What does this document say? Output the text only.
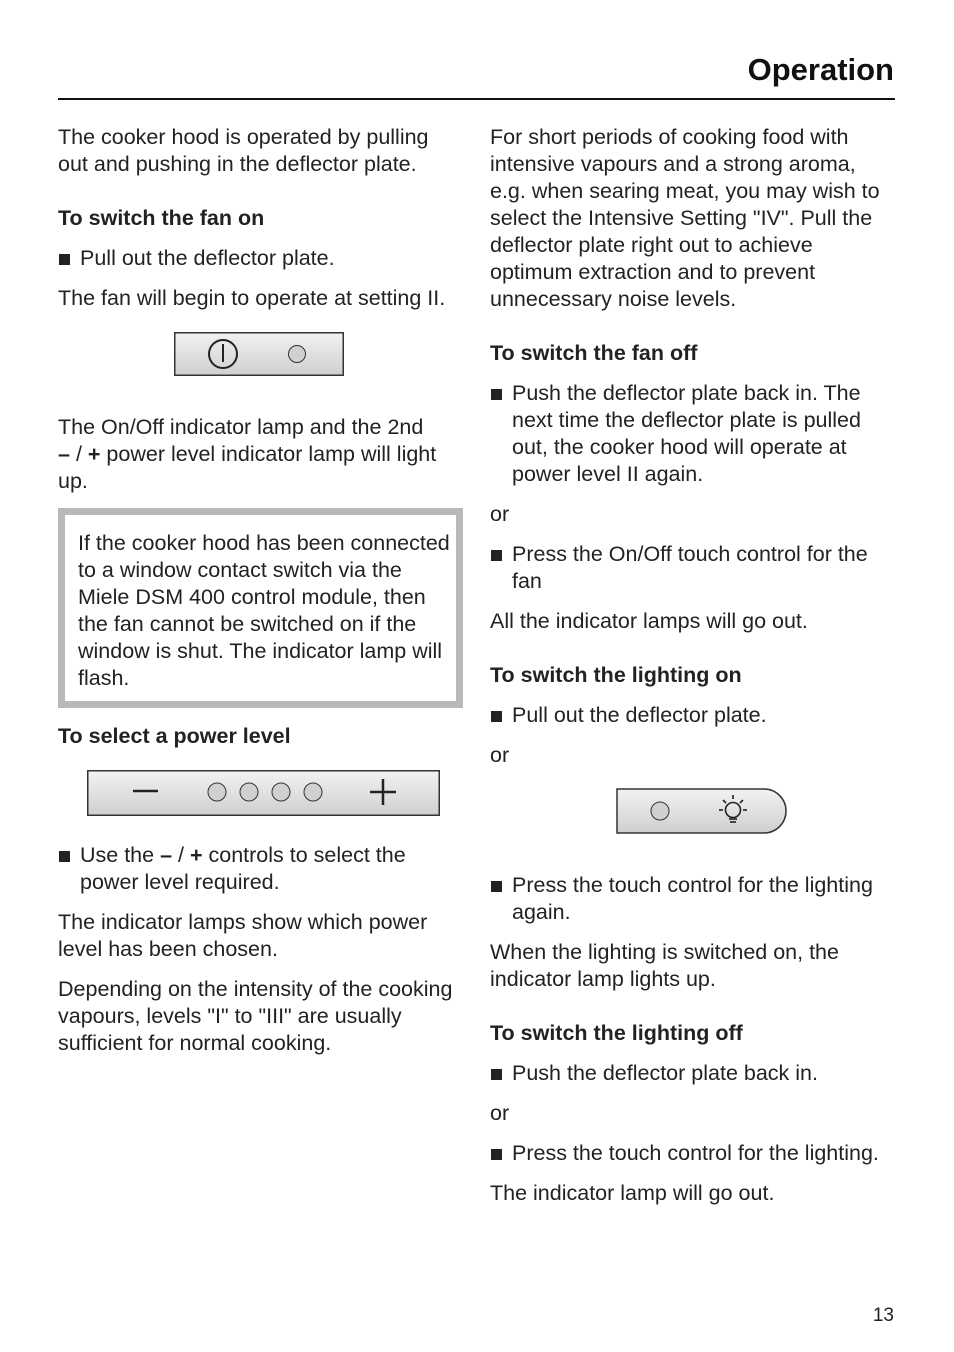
Operation

The cooker hood is operated by pulling out and pushing in the deflector plate.

To switch the fan on

Pull out the deflector plate.

The fan will begin to operate at setting II.

The On/Off indicator lamp and the 2nd
– / + power level indicator lamp will light up.

If the cooker hood has been connected to a window contact switch via the Miele DSM 400 control module, then the fan cannot be switched on if the window is shut. The indicator lamp will flash.

To select a power level

Use the – / + controls to select the power level required.

The indicator lamps show which power level has been chosen.

Depending on the intensity of the cooking vapours, levels "I" to "III" are usually sufficient for normal cooking.

For short periods of cooking food with intensive vapours and a strong aroma, e.g. when searing meat, you may wish to select the Intensive Setting "IV". Pull the deflector plate right out to achieve optimum extraction and to prevent unnecessary noise levels.

To switch the fan off

Push the deflector plate back in. The next time the deflector plate is pulled out, the cooker hood will operate at power level II again.

or

Press the On/Off touch control for the fan

All the indicator lamps will go out.

To switch the lighting on

Pull out the deflector plate.

or

Press the touch control for the lighting again.

When the lighting is switched on, the indicator lamp lights up.

To switch the lighting off

Push the deflector plate back in.

or

Press the touch control for the lighting.

The indicator lamp will go out.

13
